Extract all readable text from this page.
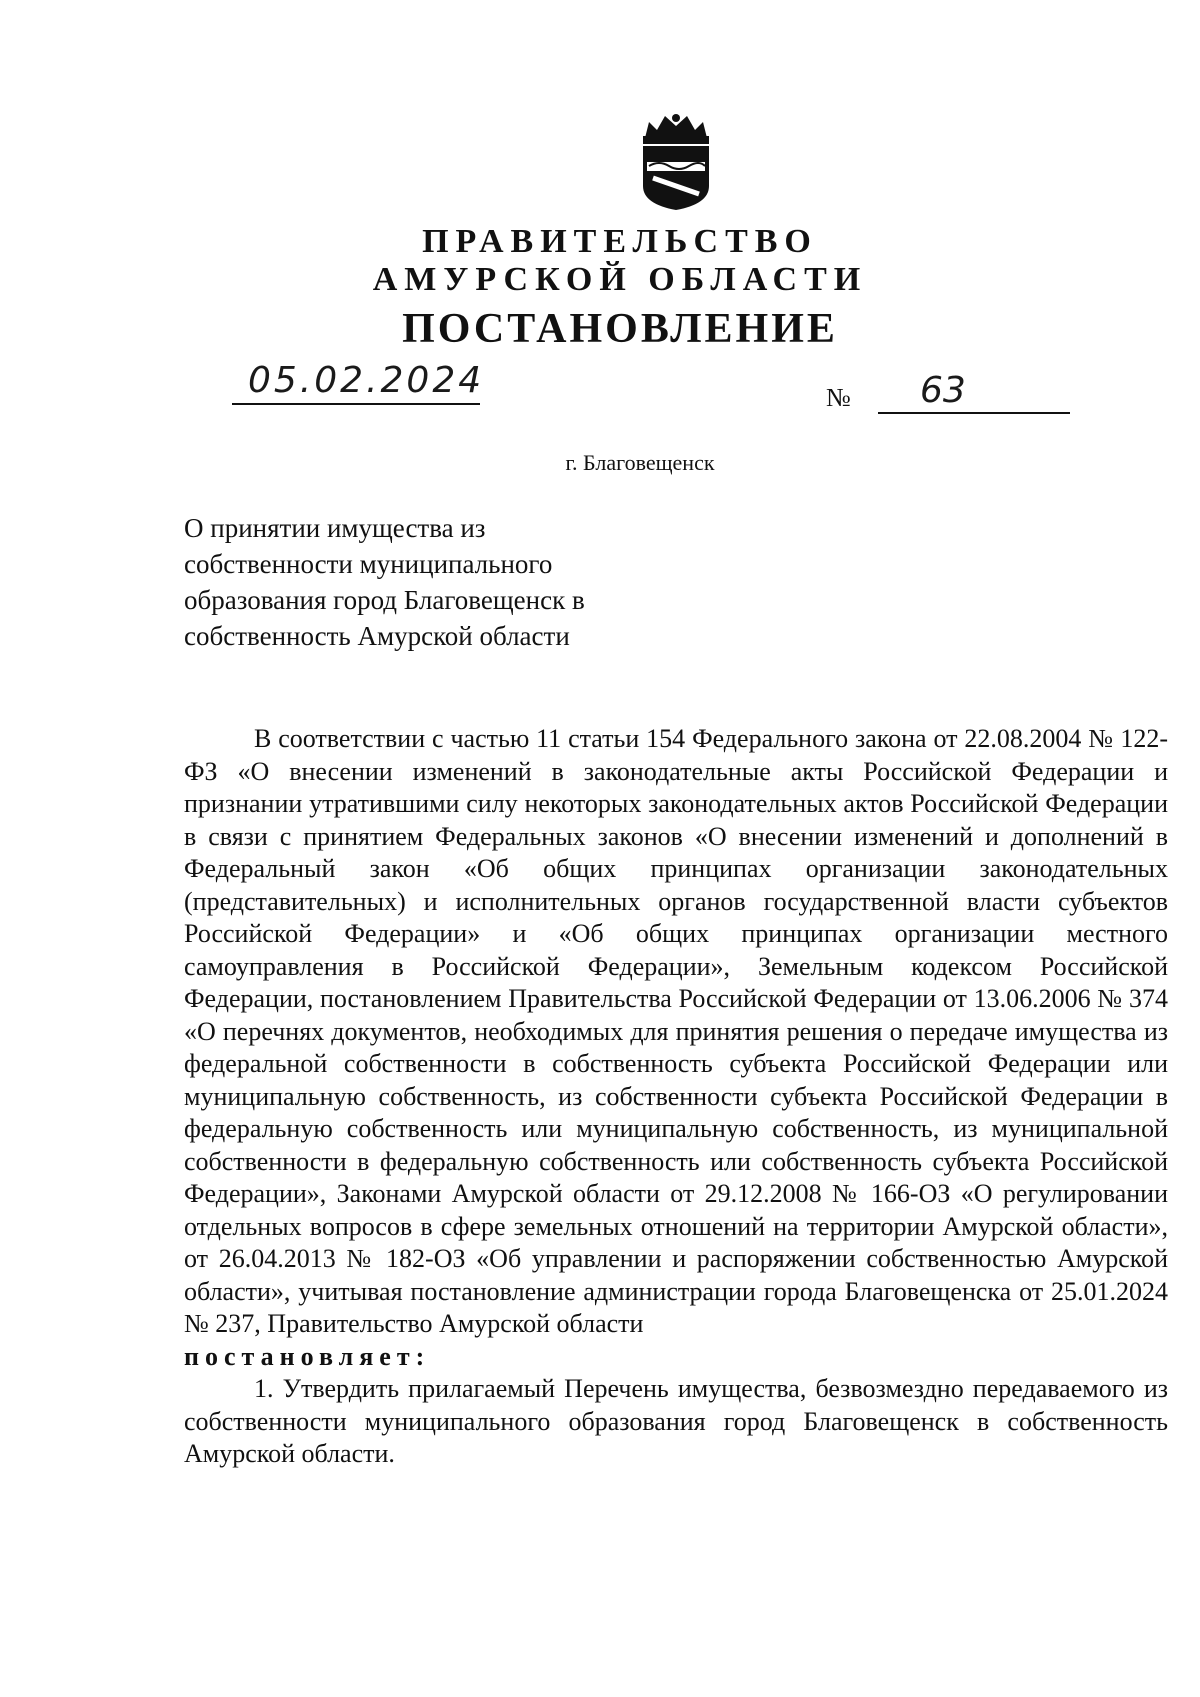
ПРАВИТЕЛЬСТВО
АМУРСКОЙ ОБЛАСТИ
ПОСТАНОВЛЕНИЕ
05.02.2024	№ 63
г. Благовещенск
О принятии имущества из
собственности муниципального
образования город Благовещенск в
собственность Амурской области

В соответствии с частью 11 статьи 154 Федерального закона от 22.08.2004 № 122-ФЗ «О внесении изменений в законодательные акты Российской Федерации и признании утратившими силу некоторых законодательных актов Российской Федерации в связи с принятием Федеральных законов «О внесении изменений и дополнений в Федеральный закон «Об общих принципах организации законодательных (представительных) и исполнительных органов государственной власти субъектов Российской Федерации» и «Об общих принципах организации местного самоуправления в Российской Федерации», Земельным кодексом Российской Федерации, постановлением Правительства Российской Федерации от 13.06.2006 № 374 «О перечнях документов, необходимых для принятия решения о передаче имущества из федеральной собственности в собственность субъекта Российской Федерации или муниципальную собственность, из собственности субъекта Российской Федерации в федеральную собственность или муниципальную собственность, из муниципальной собственности в федеральную собственность или собственность субъекта Российской Федерации», Законами Амурской области от 29.12.2008 № 166-ОЗ «О регулировании отдельных вопросов в сфере земельных отношений на территории Амурской области», от 26.04.2013 № 182-ОЗ «Об управлении и распоряжении собственностью Амурской области», учитывая постановление администрации города Благовещенска от 25.01.2024 № 237, Правительство Амурской области

постановляет:

1. Утвердить прилагаемый Перечень имущества, безвозмездно передаваемого из собственности муниципального образования город Благовещенск в собственность Амурской области.
